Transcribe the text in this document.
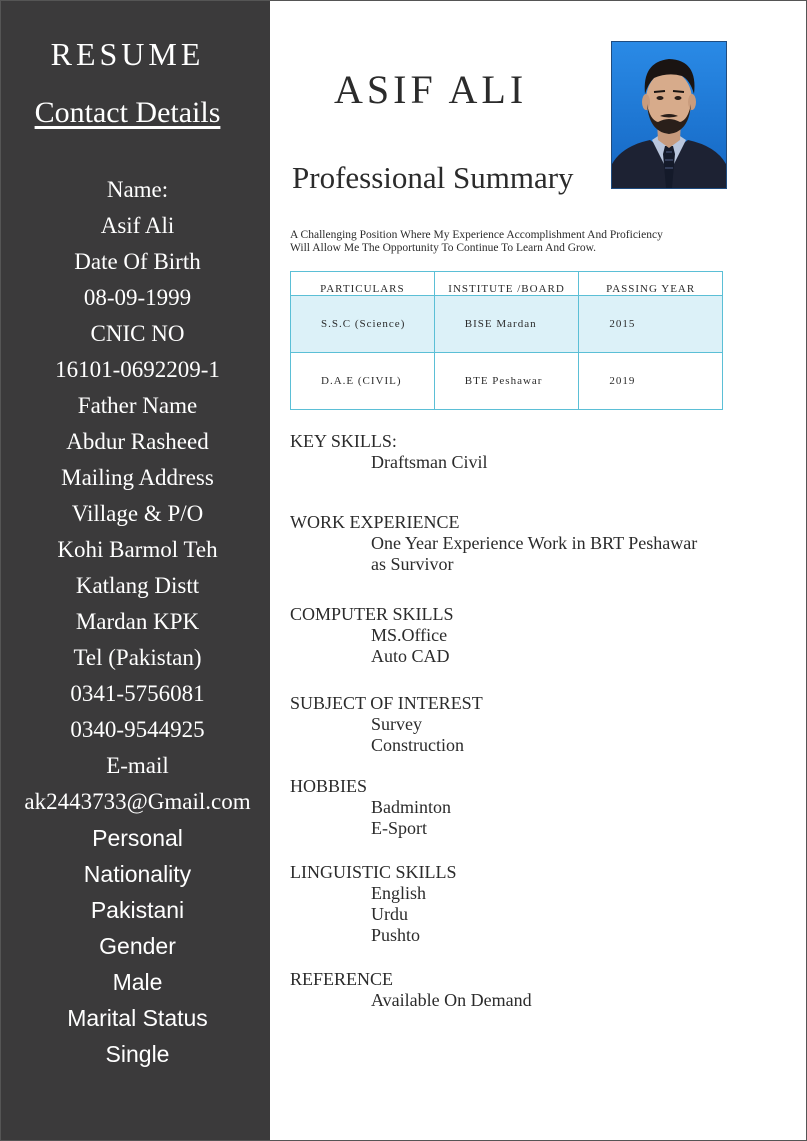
RESUME
Contact Details
Name:
Asif Ali
Date Of Birth
08-09-1999
CNIC NO
16101-0692209-1
Father Name
Abdur Rasheed
Mailing Address
Village & P/O
Kohi Barmol Teh
Katlang Distt
Mardan KPK
Tel (Pakistan)
0341-5756081
0340-9544925
E-mail
ak2443733@Gmail.com
Personal
Nationality
Pakistani
Gender
Male
Marital Status
Single
ASIF ALI
Professional Summary
A Challenging Position Where My Experience Accomplishment And Proficiency
Will Allow Me The Opportunity To Continue To Learn And Grow.
PARTICULARS	INSTITUTE /BOARD	PASSING YEAR
S.S.C (Science)	BISE Mardan	2015
D.A.E (CIVIL)	BTE Peshawar	2019
KEY SKILLS:
Draftsman Civil
WORK EXPERIENCE
One Year Experience Work in BRT Peshawar
as Survivor
COMPUTER SKILLS
MS.Office
Auto CAD
SUBJECT OF INTEREST
Survey
Construction
HOBBIES
Badminton
E-Sport
LINGUISTIC SKILLS
English
Urdu
Pushto
REFERENCE
Available On Demand
